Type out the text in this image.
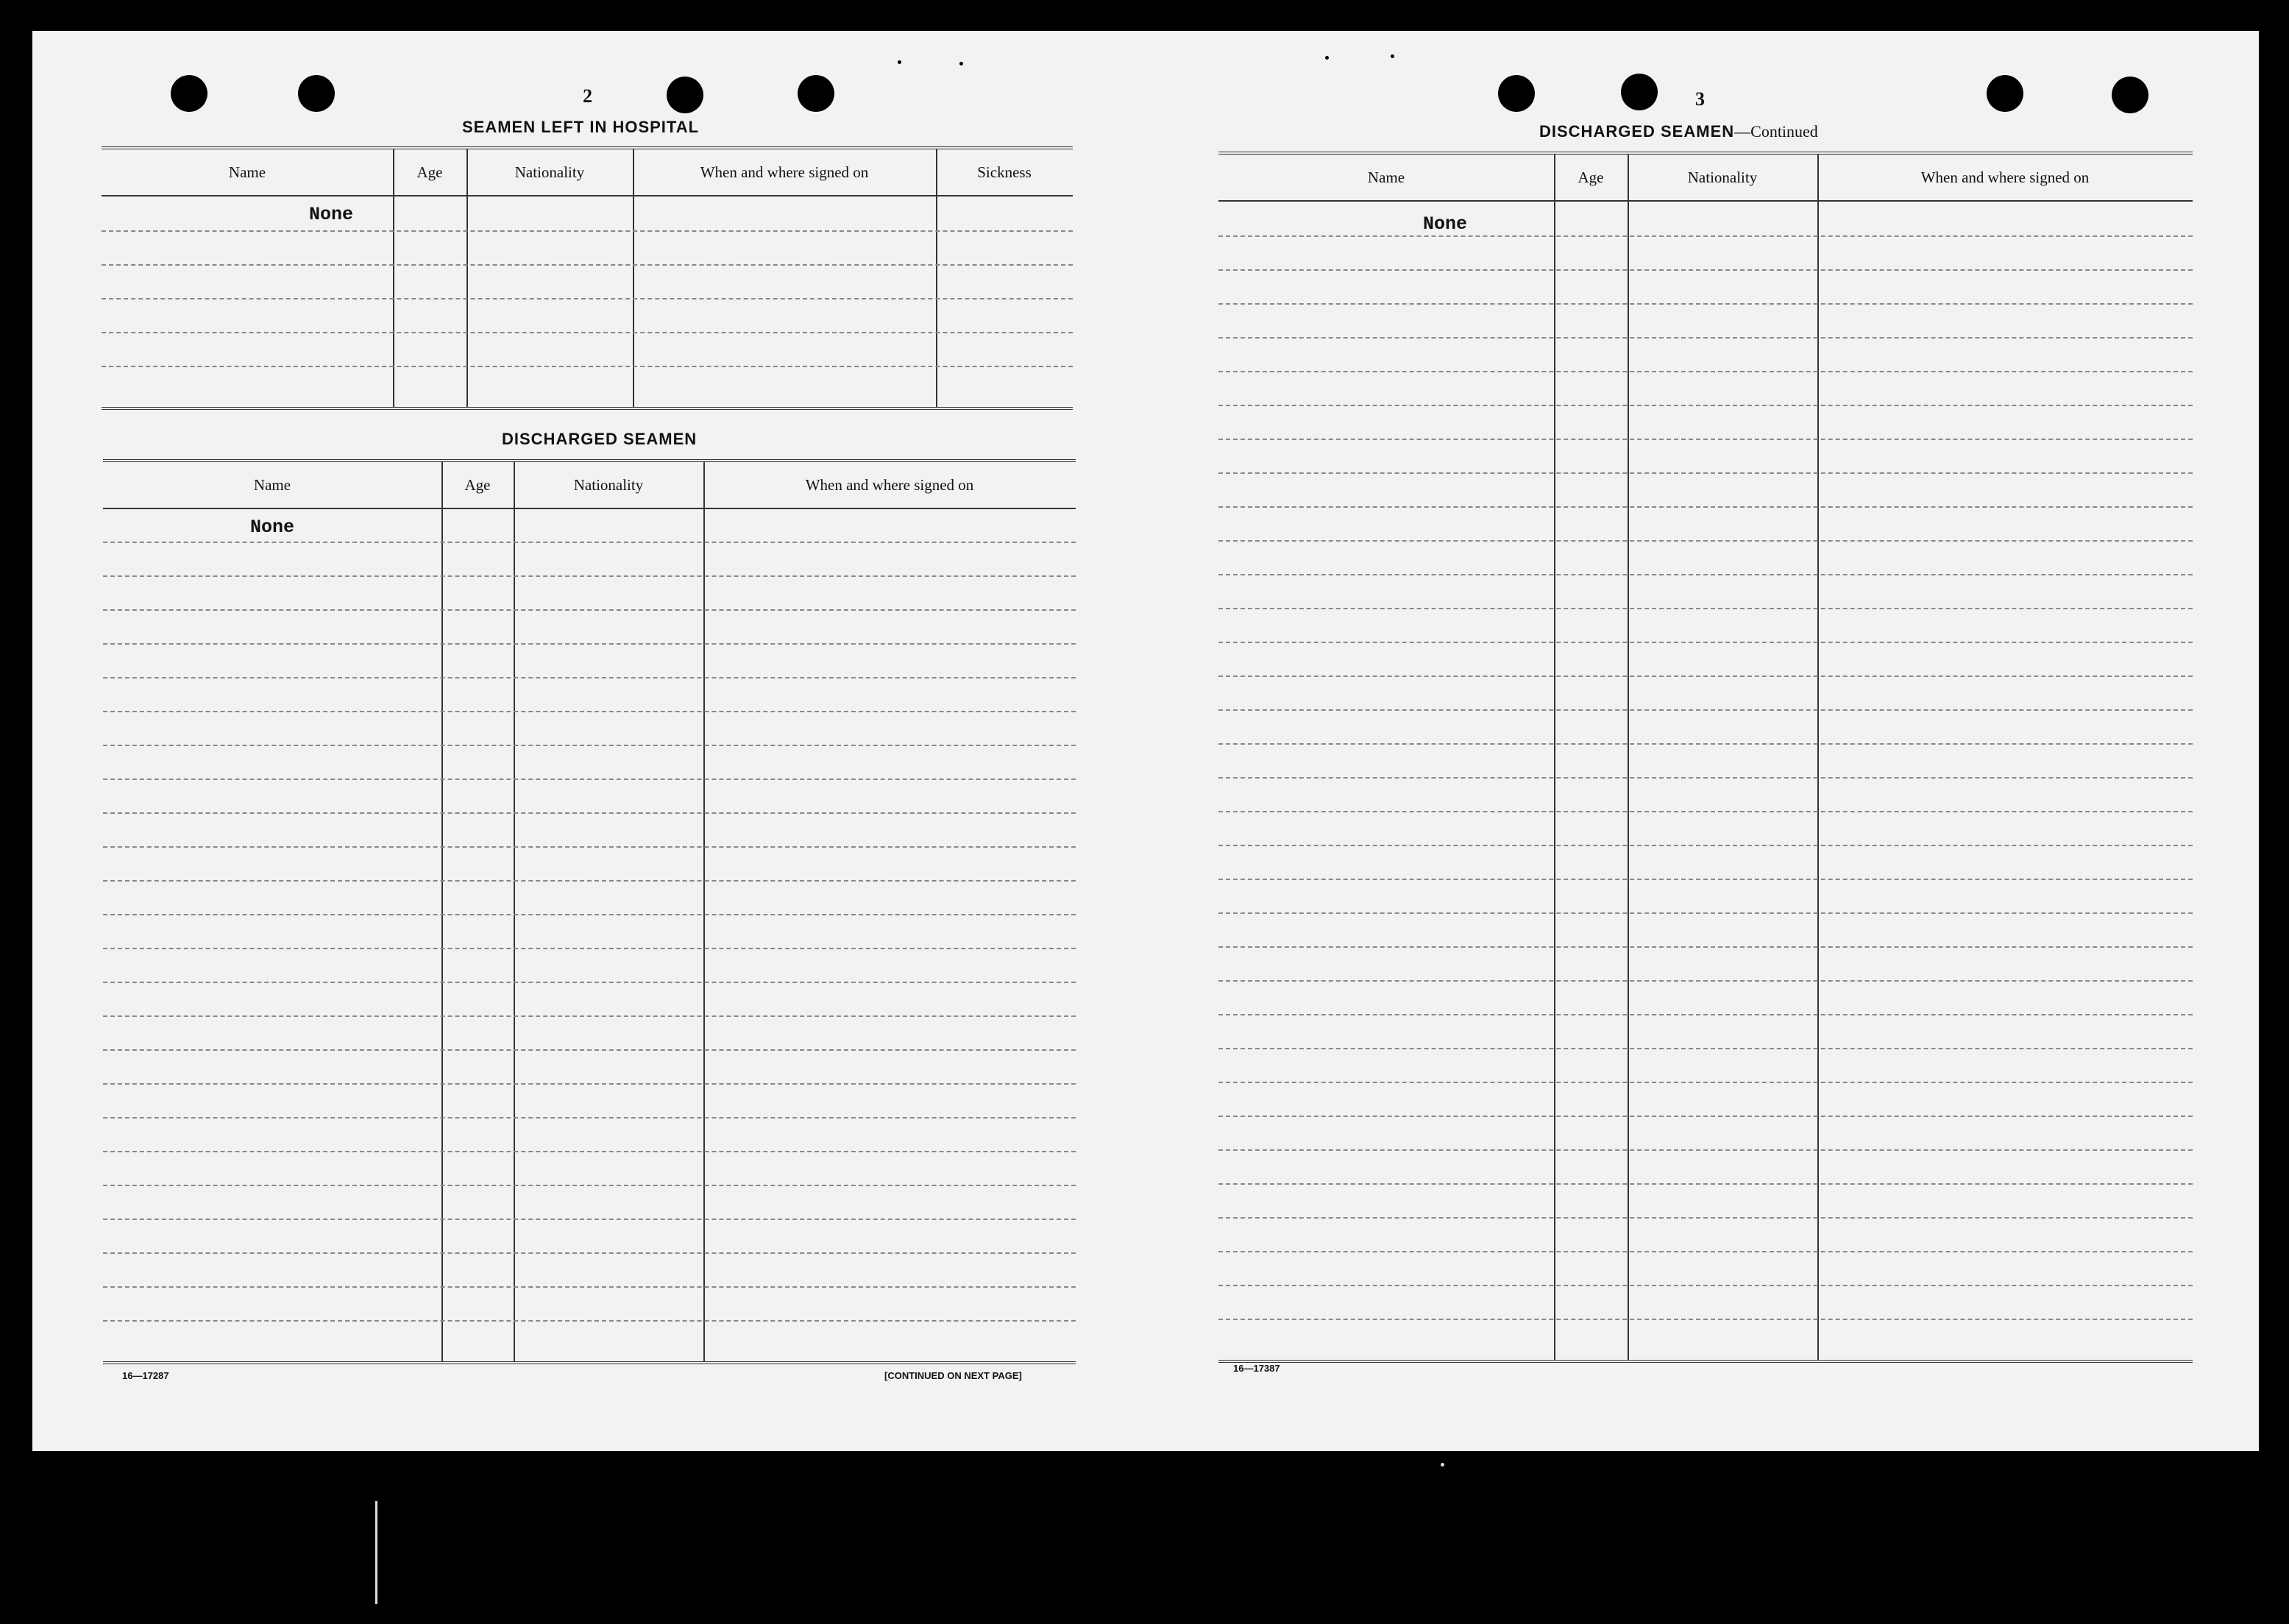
2
SEAMEN LEFT IN HOSPITAL
Name	Age	Nationality	When and where signed on	Sickness
None
DISCHARGED SEAMEN
Name	Age	Nationality	When and where signed on
None
16—17287	[CONTINUED ON NEXT PAGE]
3
DISCHARGED SEAMEN—Continued
Name	Age	Nationality	When and where signed on
None
16—17387
